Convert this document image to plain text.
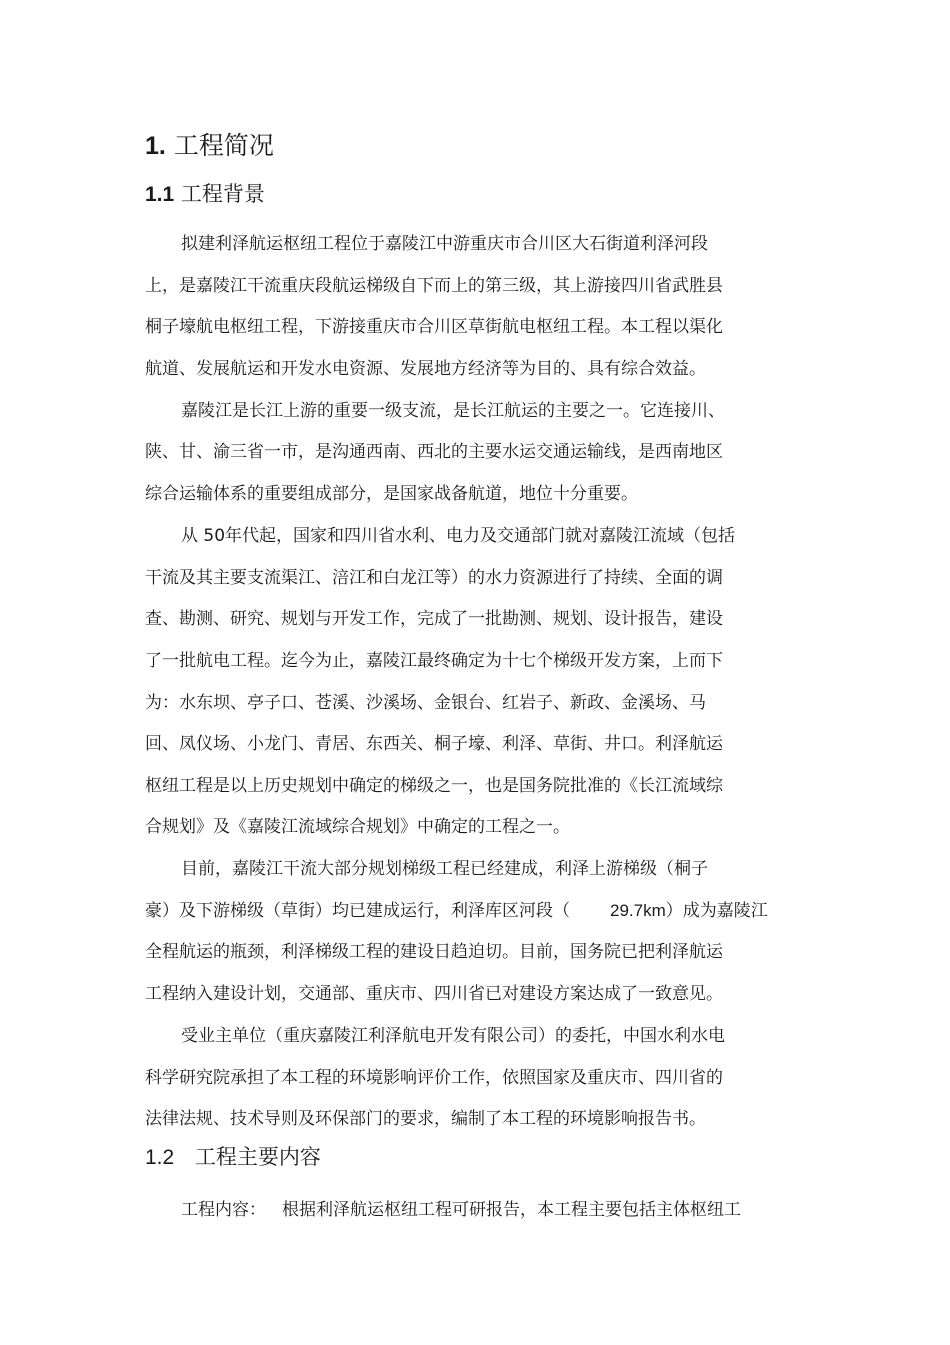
1. 工程简况
1.1 工程背景
拟建利泽航运枢纽工程位于嘉陵江中游重庆市合川区大石街道利泽河段
上，是嘉陵江干流重庆段航运梯级自下而上的第三级，其上游接四川省武胜县
桐子壕航电枢纽工程，下游接重庆市合川区草街航电枢纽工程。本工程以渠化
航道、发展航运和开发水电资源、发展地方经济等为目的、具有综合效益。
嘉陵江是长江上游的重要一级支流，是长江航运的主要之一。它连接川、
陕、甘、渝三省一市，是沟通西南、西北的主要水运交通运输线，是西南地区
综合运输体系的重要组成部分，是国家战备航道，地位十分重要。
从 50年代起，国家和四川省水利、电力及交通部门就对嘉陵江流域（包括
干流及其主要支流渠江、涪江和白龙江等）的水力资源进行了持续、全面的调
查、勘测、研究、规划与开发工作，完成了一批勘测、规划、设计报告，建设
了一批航电工程。迄今为止，嘉陵江最终确定为十七个梯级开发方案，上而下
为：水东坝、亭子口、苍溪、沙溪场、金银台、红岩子、新政、金溪场、马
回、凤仪场、小龙门、青居、东西关、桐子壕、利泽、草街、井口。利泽航运
枢纽工程是以上历史规划中确定的梯级之一，也是国务院批准的《长江流域综
合规划》及《嘉陵江流域综合规划》中确定的工程之一。
目前，嘉陵江干流大部分规划梯级工程已经建成，利泽上游梯级（桐子
豪）及下游梯级（草街）均已建成运行，利泽库区河段（ 29.7km）成为嘉陵江
全程航运的瓶颈，利泽梯级工程的建设日趋迫切。目前，国务院已把利泽航运
工程纳入建设计划，交通部、重庆市、四川省已对建设方案达成了一致意见。
受业主单位（重庆嘉陵江利泽航电开发有限公司）的委托，中国水利水电
科学研究院承担了本工程的环境影响评价工作，依照国家及重庆市、四川省的
法律法规、技术导则及环保部门的要求，编制了本工程的环境影响报告书。
1.2 工程主要内容
工程内容： 根据利泽航运枢纽工程可研报告，本工程主要包括主体枢纽工
